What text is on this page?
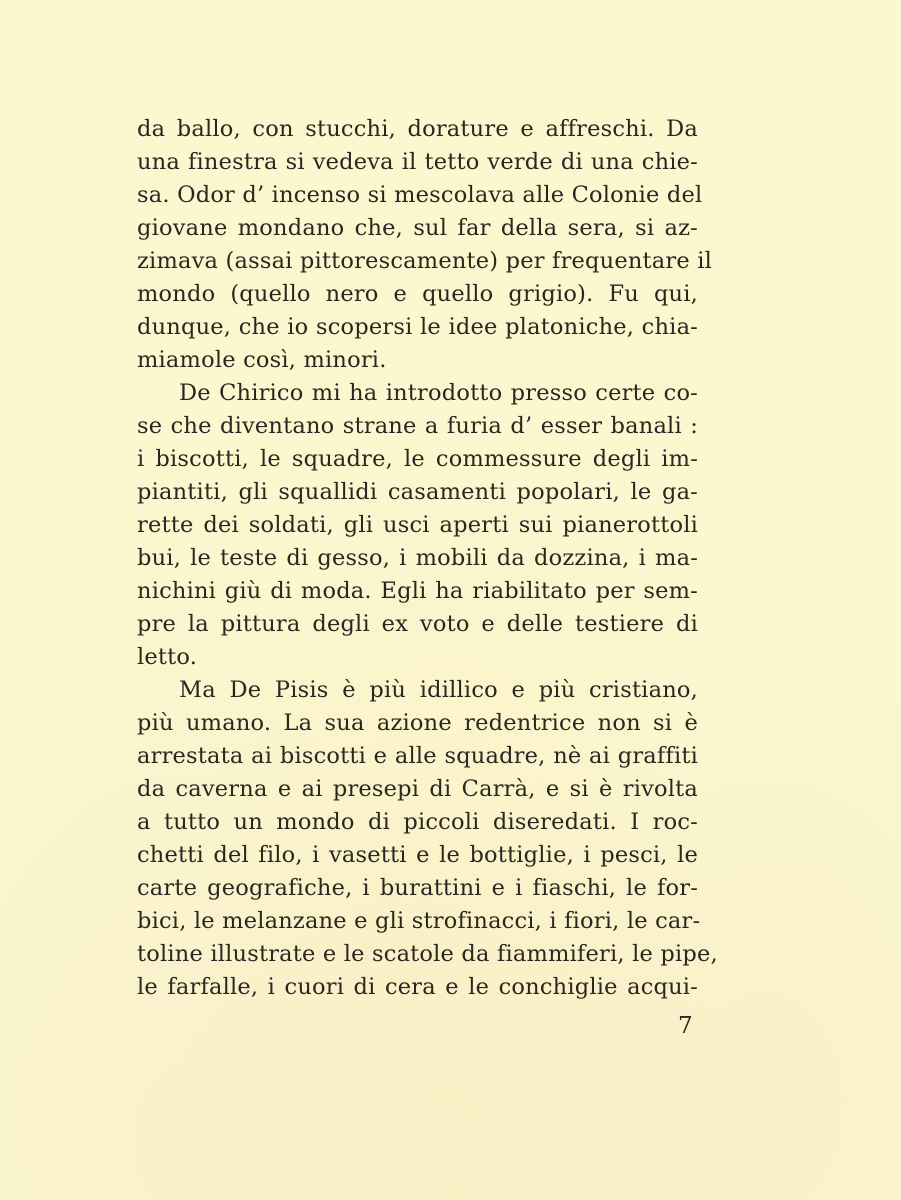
da ballo, con stucchi, dorature e affreschi. Da
una finestra si vedeva il tetto verde di una chie-
sa. Odor d’ incenso si mescolava alle Colonie del
giovane mondano che, sul far della sera, si az-
zimava (assai pittorescamente) per frequentare il
mondo (quello nero e quello grigio). Fu qui,
dunque, che io scopersi le idee platoniche, chia-
miamole così, minori.
De Chirico mi ha introdotto presso certe co-
se che diventano strane a furia d’ esser banali :
i biscotti, le squadre, le commessure degli im-
piantiti, gli squallidi casamenti popolari, le ga-
rette dei soldati, gli usci aperti sui pianerottoli
bui, le teste di gesso, i mobili da dozzina, i ma-
nichini giù di moda. Egli ha riabilitato per sem-
pre la pittura degli ex voto e delle testiere di
letto.
Ma De Pisis è più idillico e più cristiano,
più umano. La sua azione redentrice non si è
arrestata ai biscotti e alle squadre, nè ai graffiti
da caverna e ai presepi di Carrà, e si è rivolta
a tutto un mondo di piccoli diseredati. I roc-
chetti del filo, i vasetti e le bottiglie, i pesci, le
carte geografiche, i burattini e i fiaschi, le for-
bici, le melanzane e gli strofinacci, i fiori, le car-
toline illustrate e le scatole da fiammiferi, le pipe,
le farfalle, i cuori di cera e le conchiglie acqui-
7
